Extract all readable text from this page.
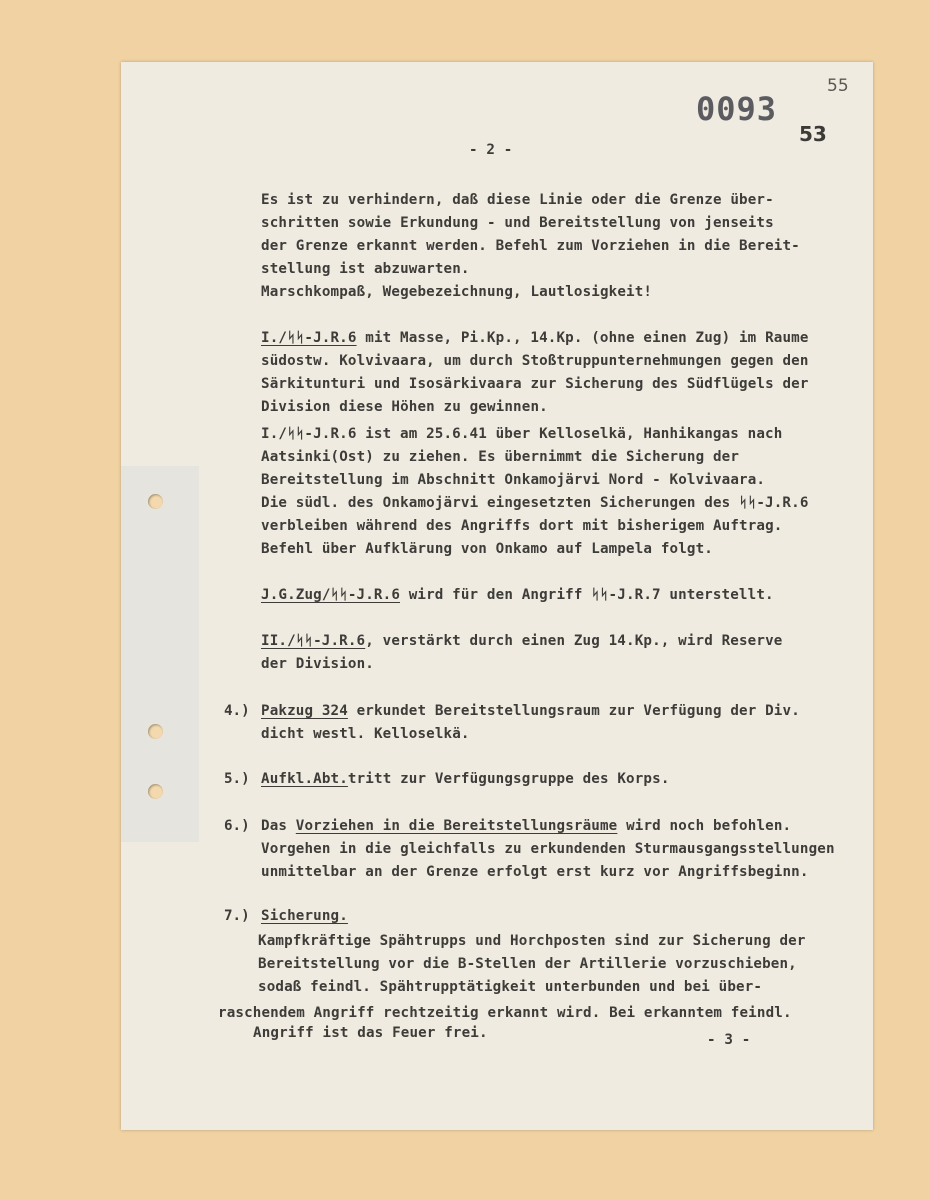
0093
55
53
- 2 -
Es ist zu verhindern, daß diese Linie oder die Grenze über-
schritten sowie Erkundung - und Bereitstellung von jenseits
der Grenze erkannt werden. Befehl zum Vorziehen in die Bereit-
stellung ist abzuwarten.
Marschkompaß, Wegebezeichnung, Lautlosigkeit!
I./ᛋᛋ-J.R.6 mit Masse, Pi.Kp., 14.Kp. (ohne einen Zug) im Raume
südostw. Kolvivaara, um durch Stoßtruppunternehmungen gegen den
Särkitunturi und Isosärkivaara zur Sicherung des Südflügels der
Division diese Höhen zu gewinnen.
I./ᛋᛋ-J.R.6 ist am 25.6.41 über Kelloselkä, Hanhikangas nach
Aatsinki(Ost) zu ziehen. Es übernimmt die Sicherung der
Bereitstellung im Abschnitt Onkamojärvi Nord - Kolvivaara.
Die südl. des Onkamojärvi eingesetzten Sicherungen des ᛋᛋ-J.R.6
verbleiben während des Angriffs dort mit bisherigem Auftrag.
Befehl über Aufklärung von Onkamo auf Lampela folgt.
J.G.Zug/ᛋᛋ-J.R.6 wird für den Angriff ᛋᛋ-J.R.7 unterstellt.
II./ᛋᛋ-J.R.6, verstärkt durch einen Zug 14.Kp., wird Reserve
der Division.
4.) Pakzug 324 erkundet Bereitstellungsraum zur Verfügung der Div.
dicht westl. Kelloselkä.
5.) Aufkl.Abt.tritt zur Verfügungsgruppe des Korps.
6.) Das Vorziehen in die Bereitstellungsräume wird noch befohlen.
Vorgehen in die gleichfalls zu erkundenden Sturmausgangsstellungen
unmittelbar an der Grenze erfolgt erst kurz vor Angriffsbeginn.
7.) Sicherung.
Kampfkräftige Spähtrupps und Horchposten sind zur Sicherung der
Bereitstellung vor die B-Stellen der Artillerie vorzuschieben,
sodaß feindl. Spähtrupptätigkeit unterbunden und bei über-
raschendem Angriff rechtzeitig erkannt wird. Bei erkanntem feindl.
Angriff ist das Feuer frei.	- 3 -
